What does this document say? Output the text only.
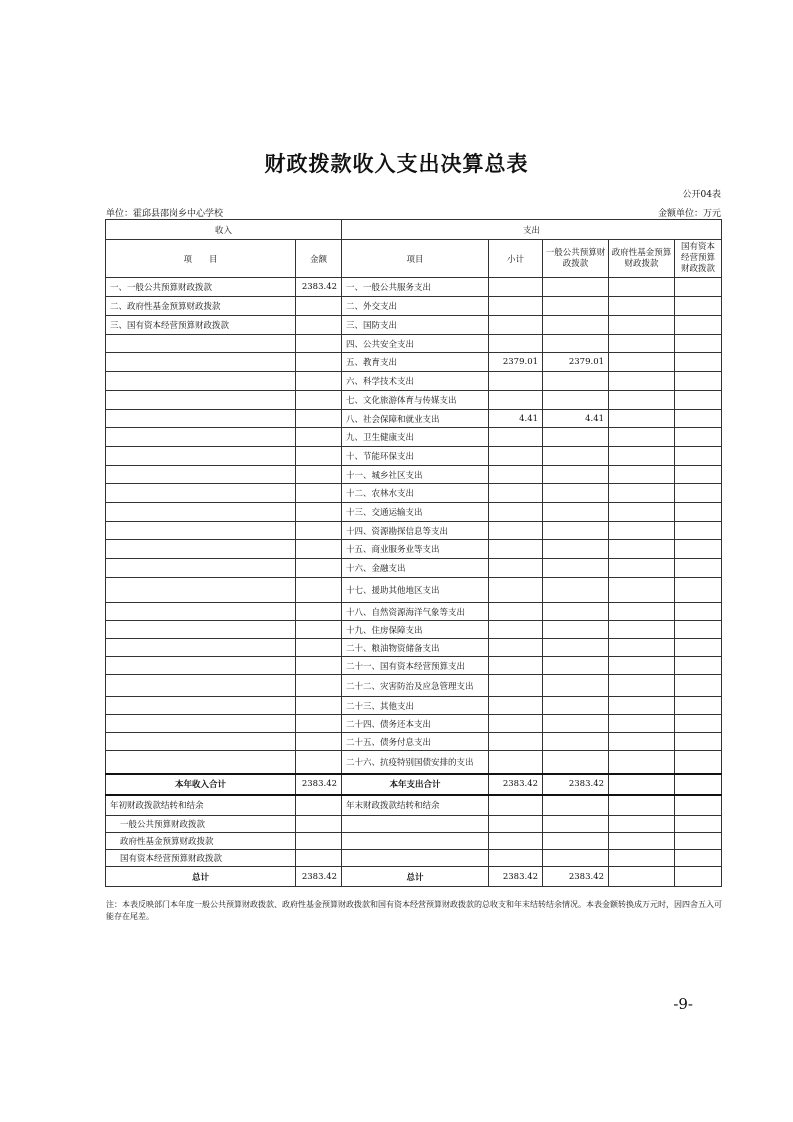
财政拨款收入支出决算总表
公开04表
单位：霍邱县邵岗乡中心学校	金额单位：万元
收入		支出				
项　　目	金额	项目	小计	一般公共预算财政拨款	政府性基金预算财政拨款	国有资本经营预算财政拨款
一、一般公共预算财政拨款	2383.42	一、一般公共服务支出				
二、政府性基金预算财政拨款		二、外交支出				
三、国有资本经营预算财政拨款		三、国防支出				
		四、公共安全支出				
		五、教育支出	2379.01	2379.01		
		六、科学技术支出				
		七、文化旅游体育与传媒支出				
		八、社会保障和就业支出	4.41	4.41		
		九、卫生健康支出				
		十、节能环保支出				
		十一、城乡社区支出				
		十二、农林水支出				
		十三、交通运输支出				
		十四、资源勘探信息等支出				
		十五、商业服务业等支出				
		十六、金融支出				
		十七、援助其他地区支出				
		十八、自然资源海洋气象等支出				
		十九、住房保障支出				
		二十、粮油物资储备支出				
		二十一、国有资本经营预算支出				
		二十二、灾害防治及应急管理支出				
		二十三、其他支出				
		二十四、债务还本支出				
		二十五、债务付息支出				
		二十六、抗疫特别国债安排的支出				
本年收入合计	2383.42	本年支出合计	2383.42	2383.42		
年初财政拨款结转和结余		年末财政拨款结转和结余				
一般公共预算财政拨款						
政府性基金预算财政拨款						
国有资本经营预算财政拨款						
总计	2383.42	总计	2383.42	2383.42		
注：本表反映部门本年度一般公共预算财政拨款、政府性基金预算财政拨款和国有资本经营预算财政拨款的总收支和年末结转结余情况。本表金额转换成万元时，因四舍五入可能存在尾差。
-9-
